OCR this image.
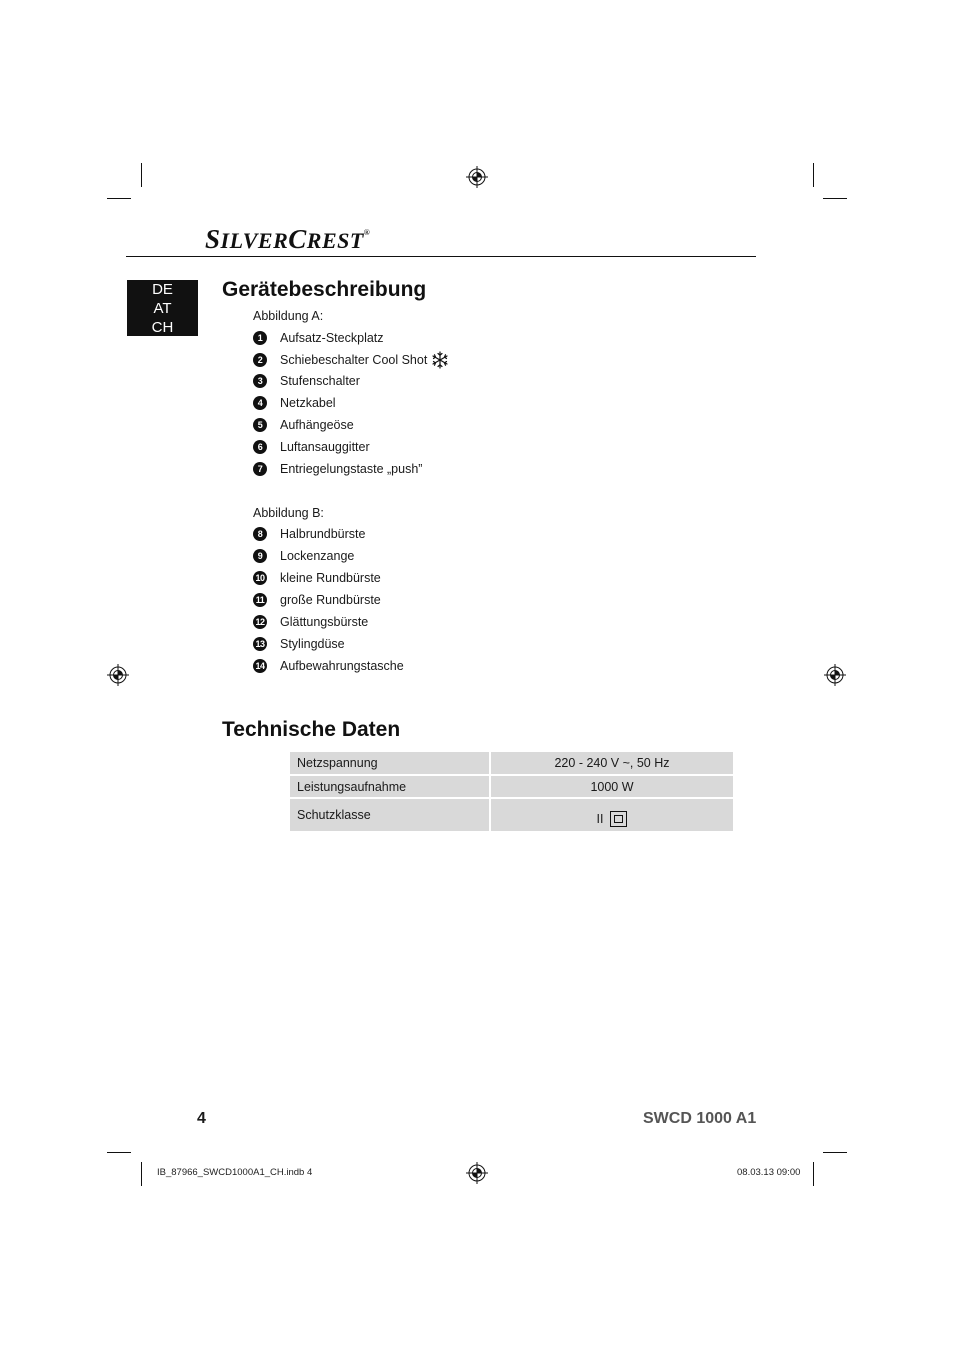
SILVERCREST®
DE
AT
CH
Gerätebeschreibung
Abbildung A:
1	Aufsatz-Steckplatz
2	Schiebeschalter Cool Shot
3	Stufenschalter
4	Netzkabel
5	Aufhängeöse
6	Luftansauggitter
7	Entriegelungstaste „push”
Abbildung B:
8	Halbrundbürste
9	Lockenzange
10 kleine Rundbürste
11 große Rundbürste
12 Glättungsbürste
13 Stylingdüse
14 Aufbewahrungstasche
Technische Daten
Netzspannung	220 - 240 V ~, 50 Hz
Leistungsaufnahme	1000 W
Schutzklasse	II
4	SWCD 1000 A1
IB_87966_SWCD1000A1_CH.indb 4	08.03.13 09:00
